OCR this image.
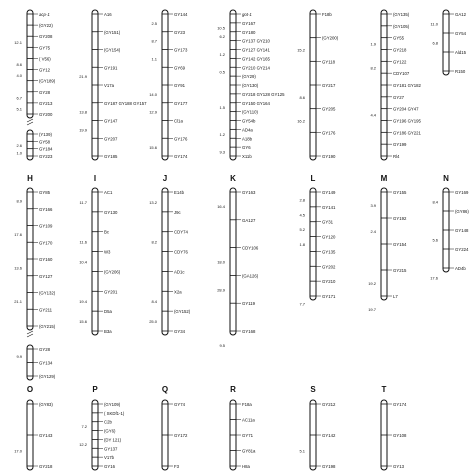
acp-1
(GY22)
GY208
12.1
GY75
( V56)
8.6
GY12
4.0
(GY189)
GY28
6.7
GY213
5.1
GY200
(Y139)
GY58
2.6
GY184
1.0
GY223
A16
(GY151)
(GY154)
GY191
21.9
V17a
GY187 GY188 GY157
13.8
GY147
19.9
GY207
GY185
GY144
2.5
GY23
8.7
GY173
1.1
GY69
GY91
14.0
GY177
12.9
Cl1a
GY176
15.6
GY174
got-1
GY167
10.5
GY180
6.2
GY137 GY210
GY127 GY141
1.2
GY142 GY165
GY210 GY214
0.5
(GY29)
(GY130)
GY218 GY128 GY125
GY150 GY164
1.5
(GY110)
GY54b
AD4a
1.2
A18b
GY6
9.3
X11b
F18b
(GY200)
15.2
GY118
GY217
8.6
GY205
16.2
GY176
GY190
(GY135)
(GY105)
GY55
1.9
GY218
GY122
8.2
CDY107
GY181 GY182
GY27
GY204 GY47
4.4
GY196 GY195
GY186 GY221
GY199
Rl4
GA12
11.0
GY54
6.8
Ald15
R150
H
GY85
8.9
GY166
GY109
17.6
GY170
GY160
13.6
GY127
(GY132)
21.1
GY211
(GY215)
GY28
9.9
GY134
(GY129)
I
AC1
11.7
GY130
Bc
11.6
W3
10.4
(GY206)
GY201
19.4
D5a
15.6
B3a
J
E14b
13.2
J9c
CDY74
8.2
CDY76
AD1c
X2a
8.4
(GY152)
25.0
GY34
K
GY163
16.4
GA127
CDY106
18.0
(GA126)
28.9
GY119
GY168
9.5
L
GY149
2.8
GY141
4.5
GY31
5.2
GY120
1.8
GY135
GY202
GY210
GY171
7.7
M
GY155
3.9
GY192
2.4
GY154
GY215
19.2
L7
19.7
N
GY169
8.4
(GY86)
GY148
5.6
GY224
AD4b
17.6
O
(GY83)
GY143
17.0
GY218
P
(GY109)
( SKDf1-1)
C2b
7.2
(GY6)
(DY 121)
12.2
GY137
V17b
GY16
Q
GY74
GY172
F3
R
F18a
AC11a
GY71
GY81a
H8a
S
GY212
GY142
5.1
GY198
T
GY174
GY108
GY13
